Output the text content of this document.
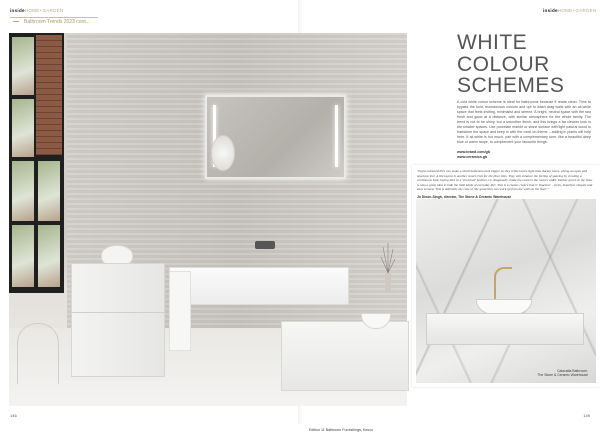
insideHOME+GARDEN	insideHOME+GARDEN
Bathroom Trends 2023 cont...
Edition 11 Bathroom Furnishings, Keuco
WHITE
COLOUR
SCHEMES
A cold white colour scheme is ideal for bathrooms because it reads clean. Time to bypass the bold, monotonous colours and opt to wash drag walls with an all-white space that feels inviting, minimalist and serene. A bright, neutral space with the sea fresh and good at a distance, with similar atmosphere for the whole family. The trend is not to be shiny, but a smoother finish, and this brings a far cleaner look in the smaller spaces. Use porcelain marble or stone surface with light natural wood to transform the space and keep in with the most on-theme – adding in plants will help here. If all white is too much, pair with a complementary tone, like a beautiful deep blue or warm taupe, to complement your favourite things.
www.brand.com/gb
www.ceramics.gb
"Light-coloured tiles can make a small bathroom look bigger as they reflect more light than darker tones, giving an open and spacious feel. A tile layout is another smart trick for the floor tiles. They will enhance the feeling of spacing by creating a continuous look, laying tiles in a 'stretched' fashion, i.e. diagonally, make the room in the room's width. Darker grout on the floor is also a great idea to hide the little kinds of everyday dirt. This is a classic choice that is 'timeless' – fresh, beautiful, elegant and easy to keep. This is definitely the case of 'the good tiles can work up from the walls to the floor.'"
Jo Dixon-Singh, director, The Stone & Ceramic Warehouse
Calacatta Bathroom,
The Stone & Ceramic Warehouse
146	149
